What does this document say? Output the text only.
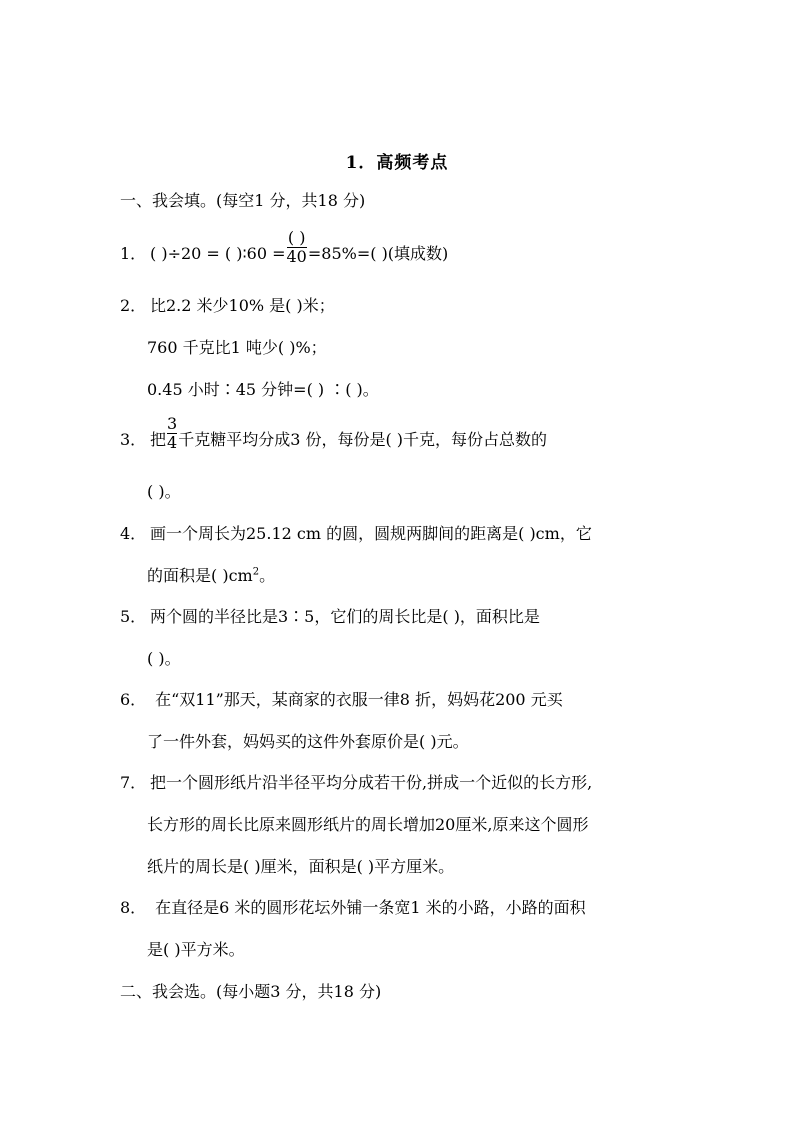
1．高频考点
一、我会填。(每空1 分，共18 分)
1． ( )÷20 = ( )∶60 = $\frac{( )}{40} =85\%=$( )(填成数)
2． 比2.2 米少10% 是( )米；
760 千克比1 吨少( )%；
0.45 小时∶45 分钟=( ) ∶( )。
3． 把 $\frac{3}{4}$ 千克糖平均分成3 份，每份是( )千克，每份占总数的
( )。
4． 画一个周长为25.12 cm 的圆，圆规两脚间的距离是( )cm，它
的面积是( )$cm^2$。
5． 两个圆的半径比是3∶5，它们的周长比是( )，面积比是
( )。
6． 在“双11”那天，某商家的衣服一律8 折，妈妈花200 元买
了一件外套，妈妈买的这件外套原价是( )元。
7． 把一个圆形纸片沿半径平均分成若干份,拼成一个近似的长方形,
长方形的周长比原来圆形纸片的周长增加20厘米,原来这个圆形
纸片的周长是( )厘米，面积是( )平方厘米。
8． 在直径是6 米的圆形花坛外铺一条宽1 米的小路，小路的面积
是( )平方米。
二、我会选。(每小题3 分，共18 分)
